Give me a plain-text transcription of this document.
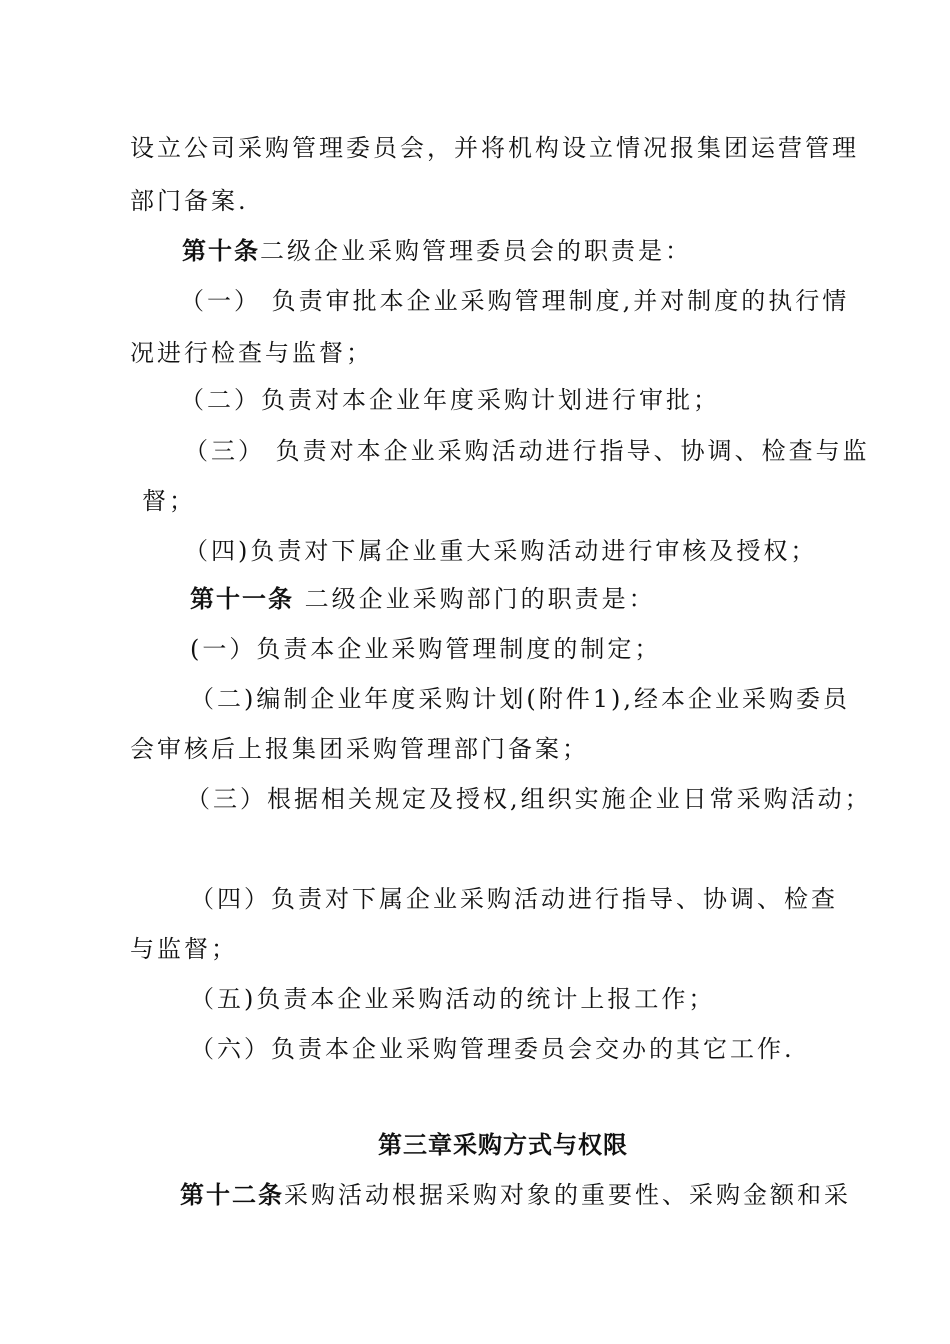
设立公司采购管理委员会，并将机构设立情况报集团运营管理
部门备案.
第十条二级企业采购管理委员会的职责是：
（一） 负责审批本企业采购管理制度,并对制度的执行情
况进行检查与监督；
（二）负责对本企业年度采购计划进行审批；
（三） 负责对本企业采购活动进行指导、协调、检查与监
督；
（四)负责对下属企业重大采购活动进行审核及授权；
第十一条 二级企业采购部门的职责是：
(一）负责本企业采购管理制度的制定；
（二)编制企业年度采购计划(附件1),经本企业采购委员
会审核后上报集团采购管理部门备案；
（三）根据相关规定及授权,组织实施企业日常采购活动；
（四）负责对下属企业采购活动进行指导、协调、检查
与监督；
（五)负责本企业采购活动的统计上报工作；
（六）负责本企业采购管理委员会交办的其它工作.
第三章采购方式与权限
第十二条采购活动根据采购对象的重要性、采购金额和采
